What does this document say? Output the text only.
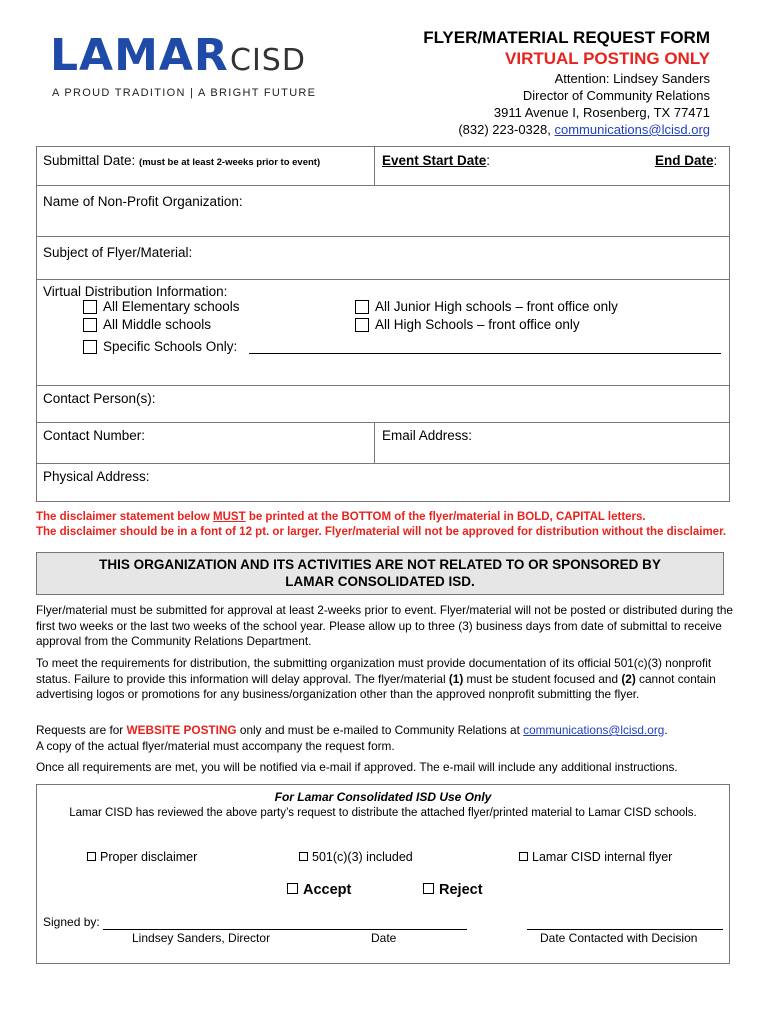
LAMAR CISD
A PROUD TRADITION | A BRIGHT FUTURE
FLYER/MATERIAL REQUEST FORM
VIRTUAL POSTING ONLY
Attention: Lindsey Sanders
Director of Community Relations
3911 Avenue I, Rosenberg, TX 77471
(832) 223-0328, communications@lcisd.org
Submittal Date: (must be at least 2-weeks prior to event)	Event Start Date:	End Date:
Name of Non-Profit Organization:
Subject of Flyer/Material:
Virtual Distribution Information:
All Elementary schools
All Middle schools
All Junior High schools – front office only
All High Schools – front office only
Specific Schools Only:
Contact Person(s):
Contact Number:	Email Address:
Physical Address:
The disclaimer statement below MUST be printed at the BOTTOM of the flyer/material in BOLD, CAPITAL letters.
The disclaimer should be in a font of 12 pt. or larger. Flyer/material will not be approved for distribution without the disclaimer.
THIS ORGANIZATION AND ITS ACTIVITIES ARE NOT RELATED TO OR SPONSORED BY
LAMAR CONSOLIDATED ISD.
Flyer/material must be submitted for approval at least 2-weeks prior to event. Flyer/material will not be posted or distributed during the first two weeks or the last two weeks of the school year. Please allow up to three (3) business days from date of submittal to receive approval from the Community Relations Department.
To meet the requirements for distribution, the submitting organization must provide documentation of its official 501(c)(3) nonprofit status. Failure to provide this information will delay approval. The flyer/material (1) must be student focused and (2) cannot contain advertising logos or promotions for any business/organization other than the approved nonprofit submitting the flyer.
Requests are for WEBSITE POSTING only and must be e-mailed to Community Relations at communications@lcisd.org.
A copy of the actual flyer/material must accompany the request form.
Once all requirements are met, you will be notified via e-mail if approved. The e-mail will include any additional instructions.
For Lamar Consolidated ISD Use Only
Lamar CISD has reviewed the above party’s request to distribute the attached flyer/printed material to Lamar CISD schools.
Proper disclaimer	501(c)(3) included	Lamar CISD internal flyer
Accept	Reject
Signed by:
Lindsey Sanders, Director	Date	Date Contacted with Decision
